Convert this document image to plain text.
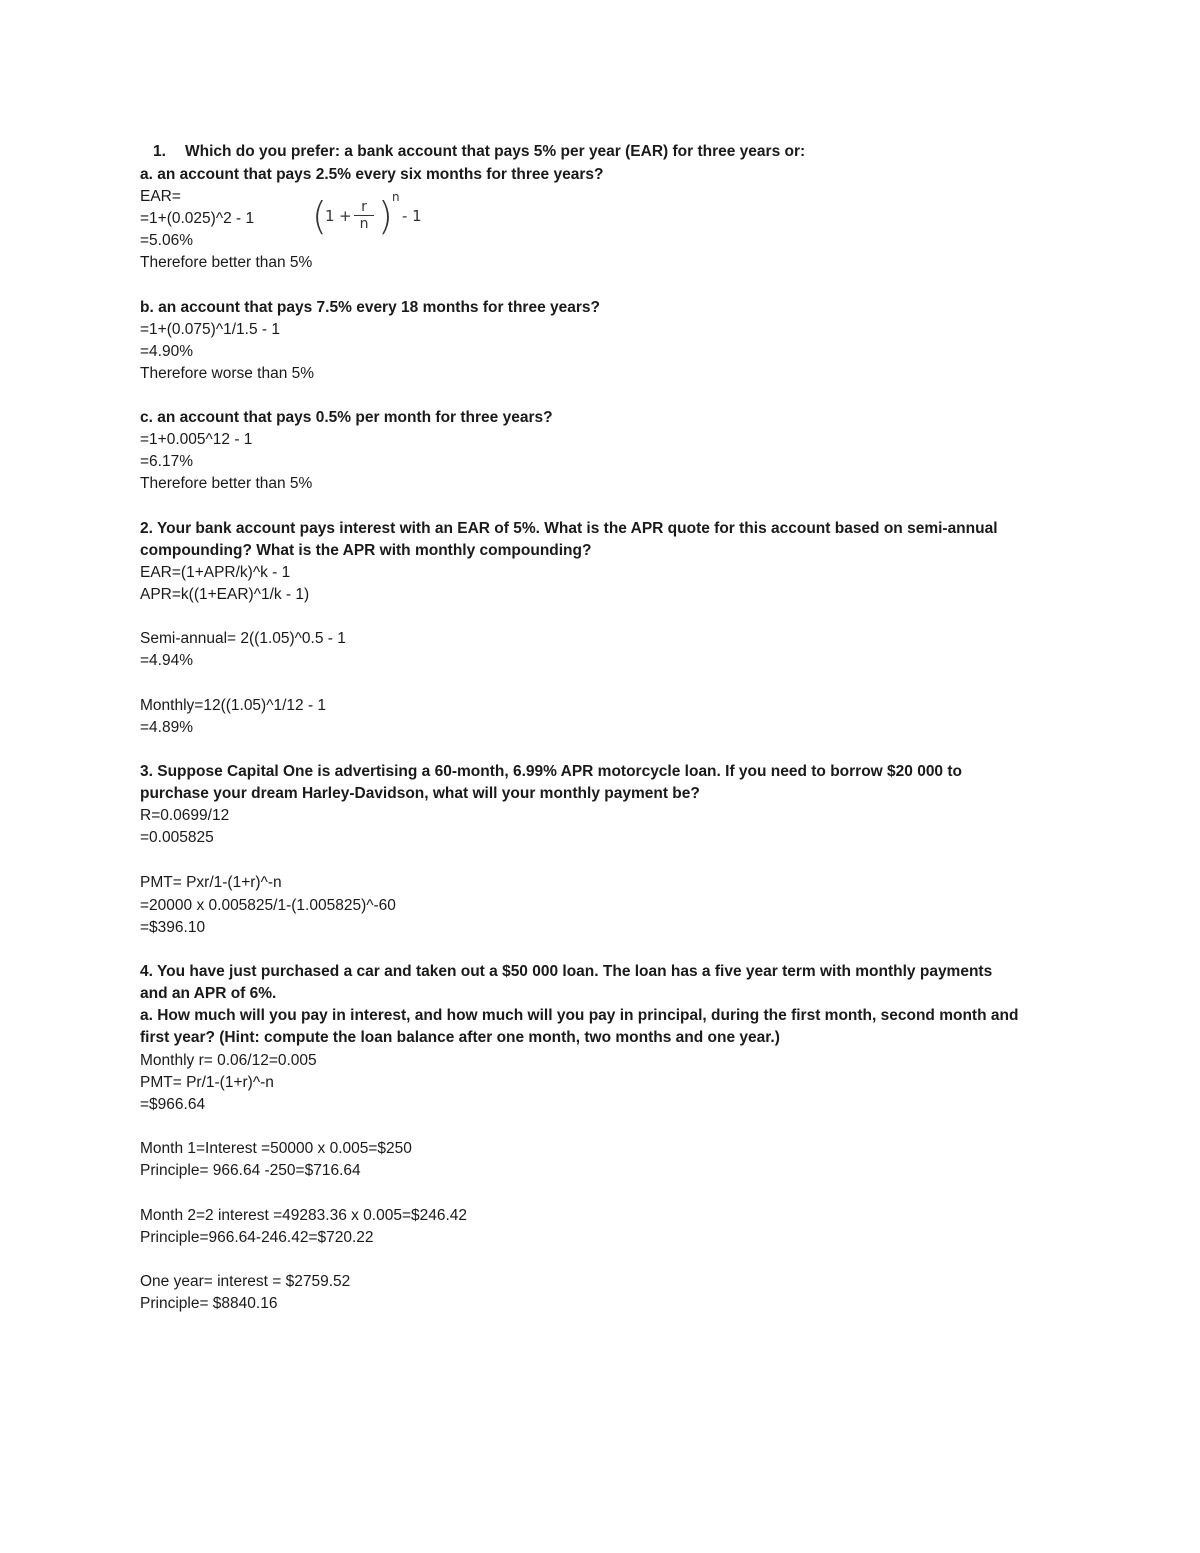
1. Which do you prefer: a bank account that pays 5% per year (EAR) for three years or:
a. an account that pays 2.5% every six months for three years?
EAR=
=1+(0.025)^2 - 1
=5.06%
Therefore better than 5%
(
1 + r
n ) n
- 1
b. an account that pays 7.5% every 18 months for three years?
=1+(0.075)^1/1.5 - 1
=4.90%
Therefore worse than 5%
c. an account that pays 0.5% per month for three years?
=1+0.005^12 - 1
=6.17%
Therefore better than 5%
2. Your bank account pays interest with an EAR of 5%. What is the APR quote for this account based on semi-annual
compounding? What is the APR with monthly compounding?
EAR=(1+APR/k)^k - 1
APR=k((1+EAR)^1/k - 1)
Semi-annual= 2((1.05)^0.5 - 1
=4.94%
Monthly=12((1.05)^1/12 - 1
=4.89%
3. Suppose Capital One is advertising a 60-month, 6.99% APR motorcycle loan. If you need to borrow $20 000 to
purchase your dream Harley-Davidson, what will your monthly payment be?
R=0.0699/12
=0.005825
PMT= Pxr/1-(1+r)^-n
=20000 x 0.005825/1-(1.005825)^-60
=$396.10
4. You have just purchased a car and taken out a $50 000 loan. The loan has a five year term with monthly payments
and an APR of 6%.
a. How much will you pay in interest, and how much will you pay in principal, during the first month, second month and
first year? (Hint: compute the loan balance after one month, two months and one year.)
Monthly r= 0.06/12=0.005
PMT= Pr/1-(1+r)^-n
=$966.64
Month 1=Interest =50000 x 0.005=$250
Principle= 966.64 -250=$716.64
Month 2=2 interest =49283.36 x 0.005=$246.42
Principle=966.64-246.42=$720.22
One year= interest = $2759.52
Principle= $8840.16
